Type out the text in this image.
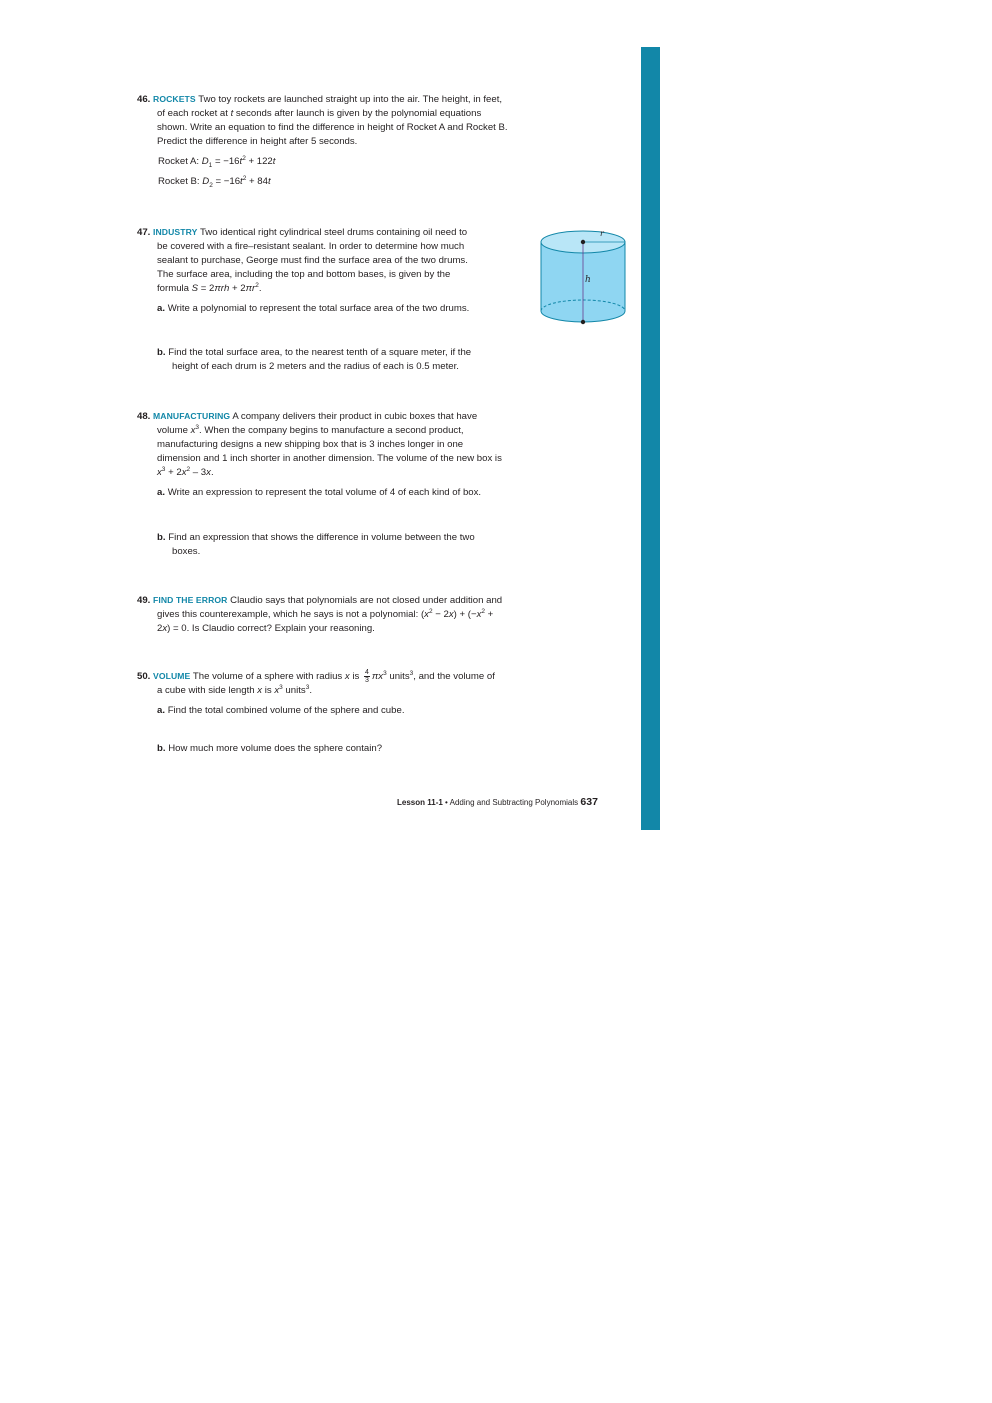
46. ROCKETS Two toy rockets are launched straight up into the air. The height, in feet,
of each rocket at t seconds after launch is given by the polynomial equations
shown. Write an equation to find the difference in height of Rocket A and Rocket B.
Predict the difference in height after 5 seconds.
Rocket A: $D_1 = -16t^2 + 122t$
Rocket B: $D_2 = -16t^2 + 84t$
47. INDUSTRY Two identical right cylindrical steel drums containing oil need to
be covered with a fire–resistant sealant. In order to determine how much
sealant to purchase, George must find the surface area of the two drums.
The surface area, including the top and bottom bases, is given by the
formula $S = 2\pi rh + 2\pi r^2$.
a. Write a polynomial to represent the total surface area of the two drums.
b. Find the total surface area, to the nearest tenth of a square meter, if the
height of each drum is 2 meters and the radius of each is 0.5 meter.
r
h
48. MANUFACTURING A company delivers their product in cubic boxes that have
volume $x^3$. When the company begins to manufacture a second product,
manufacturing designs a new shipping box that is 3 inches longer in one
dimension and 1 inch shorter in another dimension. The volume of the new box is
$x^3 + 2x^2 - 3x$.
a. Write an expression to represent the total volume of 4 of each kind of box.
b. Find an expression that shows the difference in volume between the two
boxes.
49. FIND THE ERROR Claudio says that polynomials are not closed under addition and
gives this counterexample, which he says is not a polynomial: $(x^2 - 2x) + (-x^2$ +
2x) = 0. Is Claudio correct? Explain your reasoning.
50. VOLUME The volume of a sphere with radius x is $\frac{4}{3} \pi x^3$ units$^3$, and the volume of
a cube with side length x is $x^3$ units$^3$.
a. Find the total combined volume of the sphere and cube.
b. How much more volume does the sphere contain?
Lesson 11-1 • Adding and Subtracting Polynomials 637
